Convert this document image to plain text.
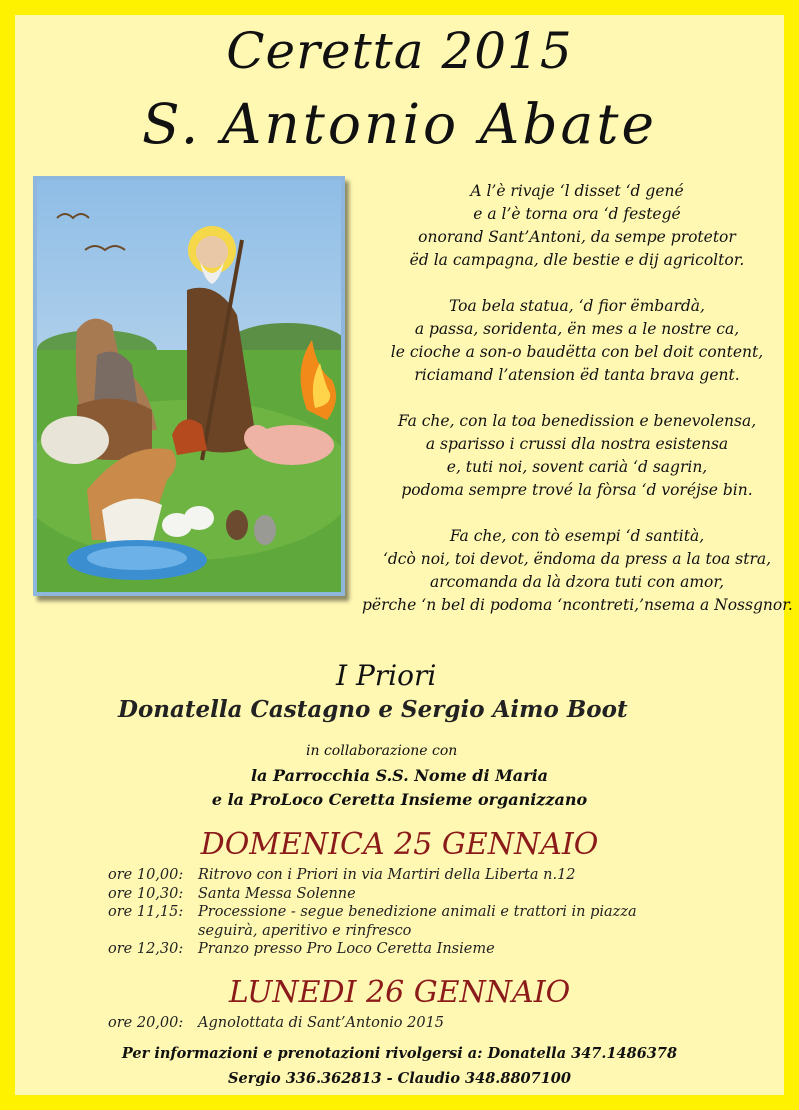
Ceretta 2015
S. Antonio Abate
A l’è rivaje ‘l disset ‘d gené
e a l’è torna ora ‘d festegé
onorand Sant’Antoni, da sempe protetor
ëd la campagna, dle bestie e dij agricoltor.
Toa bela statua, ‘d fior ëmbardà,
a passa, soridenta, ën mes a le nostre ca,
le cioche a son-o baudëtta con bel doit content,
riciamand l’atension ëd tanta brava gent.
Fa che, con la toa benedission e benevolensa,
a sparisso i crussi dla nostra esistensa
e, tuti noi, sovent carià ‘d sagrin,
podoma sempre trové la fòrsa ‘d voréjse bin.
Fa che, con tò esempi ‘d santità,
‘dcò noi, toi devot, ëndoma da press a la toa stra,
arcomanda da là dzora tuti con amor,
përche ‘n bel di podoma ‘ncontreti,’nsema a Nossgnor.
I Priori
Donatella Castagno e Sergio Aimo Boot
in collaborazione con
la Parrocchia S.S. Nome di Maria
e la ProLoco Ceretta Insieme organizzano
DOMENICA 25 GENNAIO
ore 10,00:	Ritrovo con i Priori in via Martiri della Liberta n.12
ore 10,30:	Santa Messa Solenne
ore 11,15:	Processione - segue benedizione animali e trattori in piazza
seguirà, aperitivo e rinfresco
ore 12,30:	Pranzo presso Pro Loco Ceretta Insieme
LUNEDI 26 GENNAIO
ore 20,00:	Agnolottata di Sant’Antonio 2015
Per informazioni e prenotazioni rivolgersi a: Donatella 347.1486378
Sergio 336.362813 - Claudio 348.8807100
